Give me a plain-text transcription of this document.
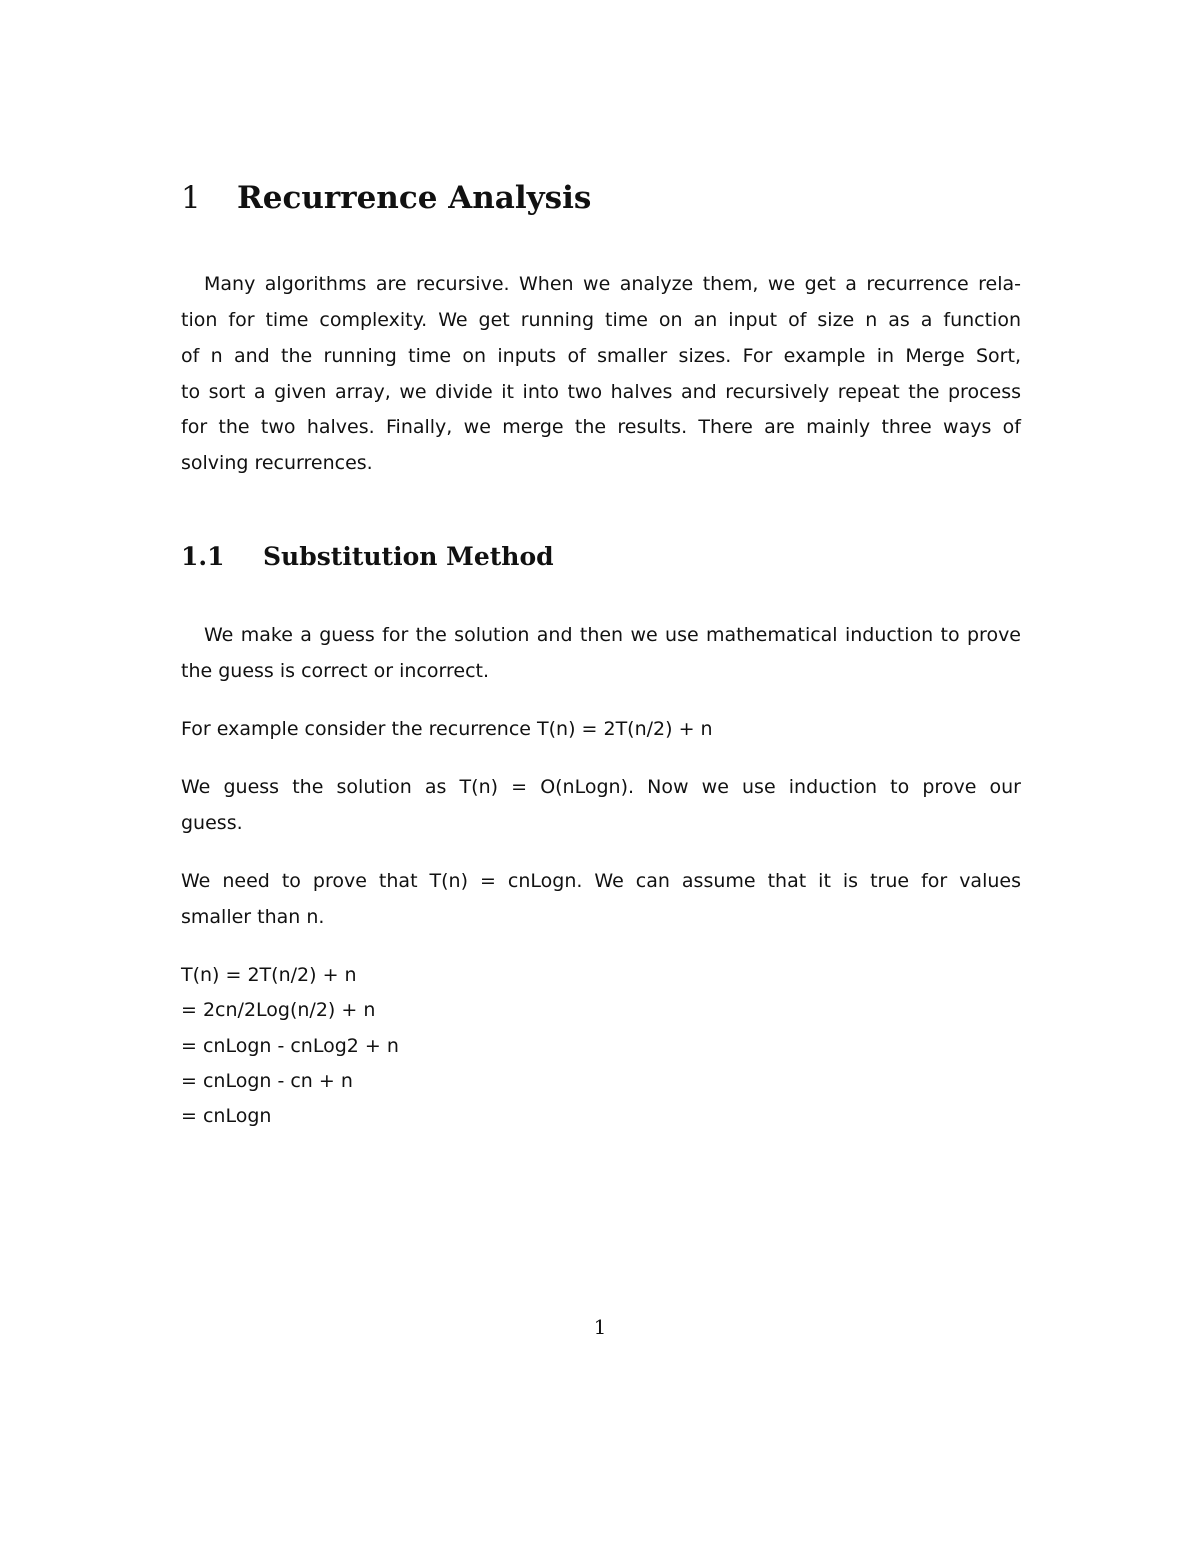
1 Recurrence Analysis
Many algorithms are recursive. When we analyze them, we get a recurrence rela-
tion for time complexity. We get running time on an input of size n as a function
of n and the running time on inputs of smaller sizes. For example in Merge Sort,
to sort a given array, we divide it into two halves and recursively repeat the process
for the two halves. Finally, we merge the results. There are mainly three ways of
solving recurrences.
1.1 Substitution Method
We make a guess for the solution and then we use mathematical induction to prove
the guess is correct or incorrect.
For example consider the recurrence T(n) = 2T(n/2) + n
We guess the solution as T(n) = O(nLogn). Now we use induction to prove our
guess.
We need to prove that T(n) = cnLogn. We can assume that it is true for values
smaller than n.
T(n) = 2T(n/2) + n
= 2cn/2Log(n/2) + n
= cnLogn - cnLog2 + n
= cnLogn - cn + n
= cnLogn
1
